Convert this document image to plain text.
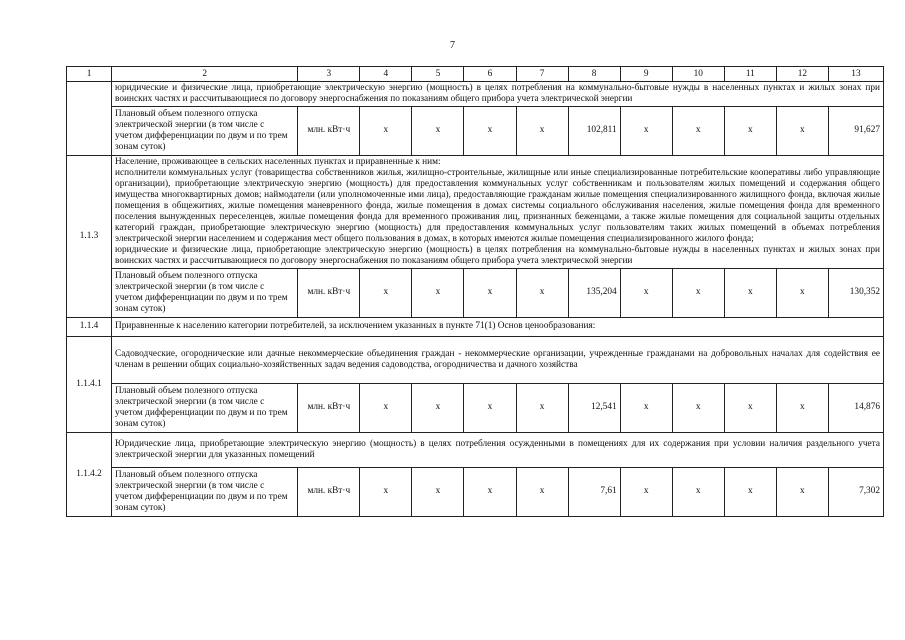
7
1	2	3	4	5	6	7	8	9	10	11	12	13
	юридические и физические лица, приобретающие электрическую энергию (мощность) в целях потребления на коммунально-бытовые нужды в населенных пунктах и жилых зонах при воинских частях и рассчитывающиеся по договору энергоснабжения по показаниям общего прибора учета электрической энергии											
	Плановый объем полезного отпуска электрической энергии (в том числе с учетом дифференциации по двум и по трем зонам суток)	млн. кВт·ч	x	x	x	x	102,811	x	x	x	x	91,627
1.1.3	Население, проживающее в сельских населенных пунктах и приравненные к ним:
исполнители коммунальных услуг (товарищества собственников жилья, жилищно-строительные, жилищные или иные специализированные потребительские кооперативы либо управляющие организации), приобретающие электрическую энергию (мощность) для предоставления коммунальных услуг собственникам и пользователям жилых помещений и содержания общего имущества многоквартирных домов; наймодатели (или уполномоченные ими лица), предоставляющие гражданам жилые помещения специализированного жилищного фонда, включая жилые помещения в общежитиях, жилые помещения маневренного фонда, жилые помещения в домах системы социального обслуживания населения, жилые помещения фонда для временного поселения вынужденных переселенцев, жилые помещения фонда для временного проживания лиц, признанных беженцами, а также жилые помещения для социальной защиты отдельных категорий граждан, приобретающие электрическую энергию (мощность) для предоставления коммунальных услуг пользователям таких жилых помещений в объемах потребления электрической энергии населением и содержания мест общего пользования в домах, в которых имеются жилые помещения специализированного жилого фонда;
юридические и физические лица, приобретающие электрическую энергию (мощность) в целях потребления на коммунально-бытовые нужды в населенных пунктах и жилых зонах при воинских частях и рассчитывающиеся по договору энергоснабжения по показаниям общего прибора учета электрической энергии											
	Плановый объем полезного отпуска электрической энергии (в том числе с учетом дифференциации по двум и по трем зонам суток)	млн. кВт·ч	x	x	x	x	135,204	x	x	x	x	130,352
1.1.4	Приравненные к населению категории потребителей, за исключением указанных в пункте 71(1) Основ ценообразования:											
1.1.4.1	Садоводческие, огороднические или дачные некоммерческие объединения граждан - некоммерческие организации, учрежденные гражданами на добровольных началах для содействия ее членам в решении общих социально-хозяйственных задач ведения садоводства, огородничества и дачного хозяйства											
	Плановый объем полезного отпуска электрической энергии (в том числе с учетом дифференциации по двум и по трем зонам суток)	млн. кВт·ч	x	x	x	x	12,541	x	x	x	x	14,876
1.1.4.2	Юридические лица, приобретающие электрическую энергию (мощность) в целях потребления осужденными в помещениях для их содержания при условии наличия раздельного учета электрической энергии для указанных помещений											
	Плановый объем полезного отпуска электрической энергии (в том числе с учетом дифференциации по двум и по трем зонам суток)	млн. кВт·ч	x	x	x	x	7,61	x	x	x	x	7,302
